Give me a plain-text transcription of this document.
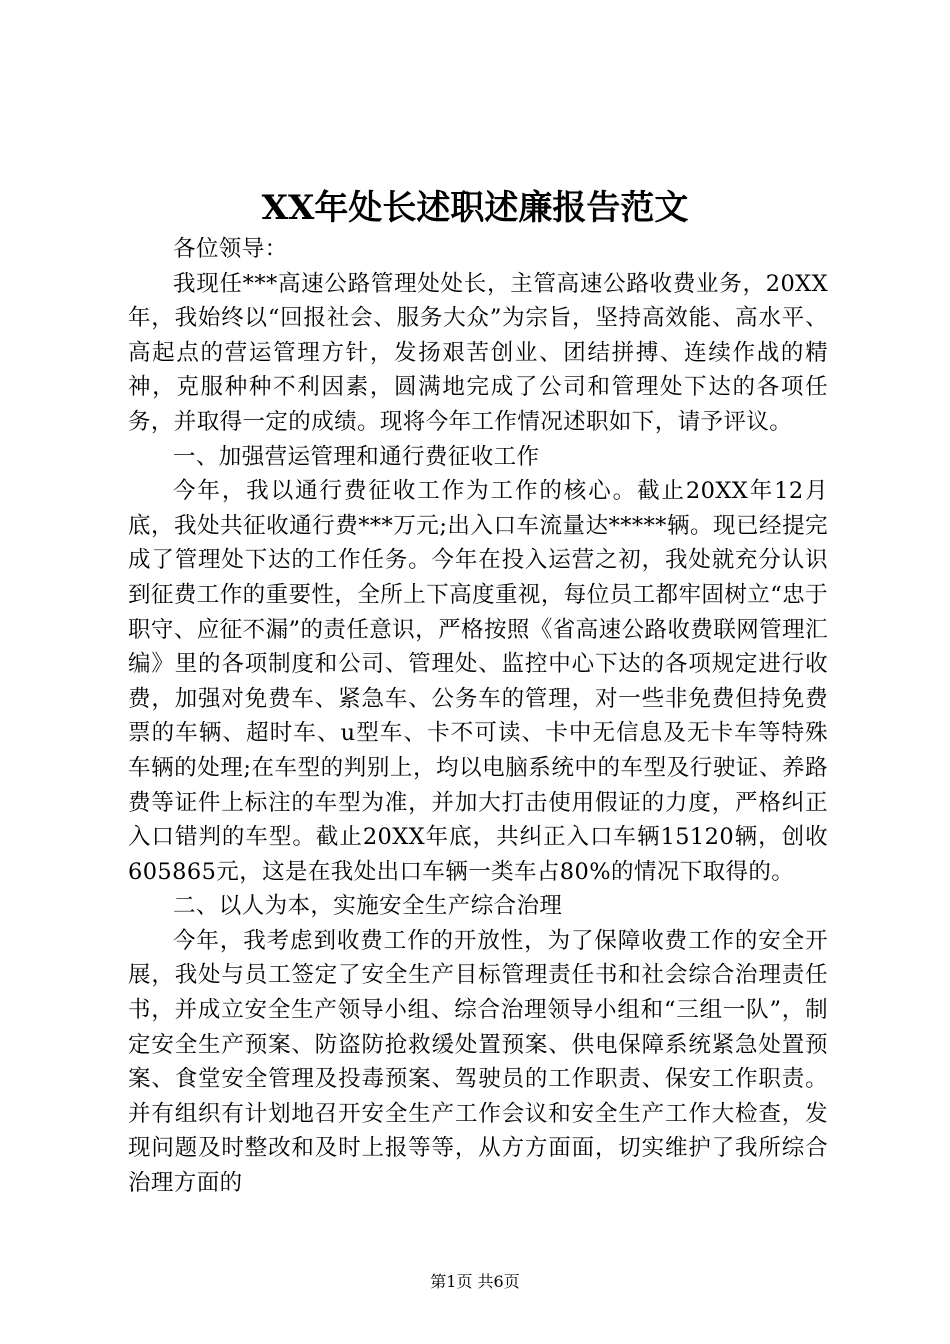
XX年处长述职述廉报告范文

各位领导：

我现任***高速公路管理处处长，主管高速公路收费业务，20XX年，我始终以“回报社会、服务大众”为宗旨，坚持高效能、高水平、高起点的营运管理方针，发扬艰苦创业、团结拼搏、连续作战的精神，克服种种不利因素，圆满地完成了公司和管理处下达的各项任务，并取得一定的成绩。现将今年工作情况述职如下，请予评议。

一、加强营运管理和通行费征收工作

今年，我以通行费征收工作为工作的核心。截止20XX年12月底，我处共征收通行费***万元;出入口车流量达*****辆。现已经提完成了管理处下达的工作任务。今年在投入运营之初，我处就充分认识到征费工作的重要性，全所上下高度重视，每位员工都牢固树立“忠于职守、应征不漏”的责任意识，严格按照《省高速公路收费联网管理汇编》里的各项制度和公司、管理处、监控中心下达的各项规定进行收费，加强对免费车、紧急车、公务车的管理，对一些非免费但持免费票的车辆、超时车、u型车、卡不可读、卡中无信息及无卡车等特殊车辆的处理;在车型的判别上，均以电脑系统中的车型及行驶证、养路费等证件上标注的车型为准，并加大打击使用假证的力度，严格纠正入口错判的车型。截止20XX年底，共纠正入口车辆15120辆，创收605865元，这是在我处出口车辆一类车占80%的情况下取得的。

二、以人为本，实施安全生产综合治理

今年，我考虑到收费工作的开放性，为了保障收费工作的安全开展，我处与员工签定了安全生产目标管理责任书和社会综合治理责任书，并成立安全生产领导小组、综合治理领导小组和“三组一队”，制定安全生产预案、防盗防抢救缓处置预案、供电保障系统紧急处置预案、食堂安全管理及投毒预案、驾驶员的工作职责、保安工作职责。并有组织有计划地召开安全生产工作会议和安全生产工作大检查，发现问题及时整改和及时上报等等，从方方面面，切实维护了我所综合治理方面的

第1页 共6页
